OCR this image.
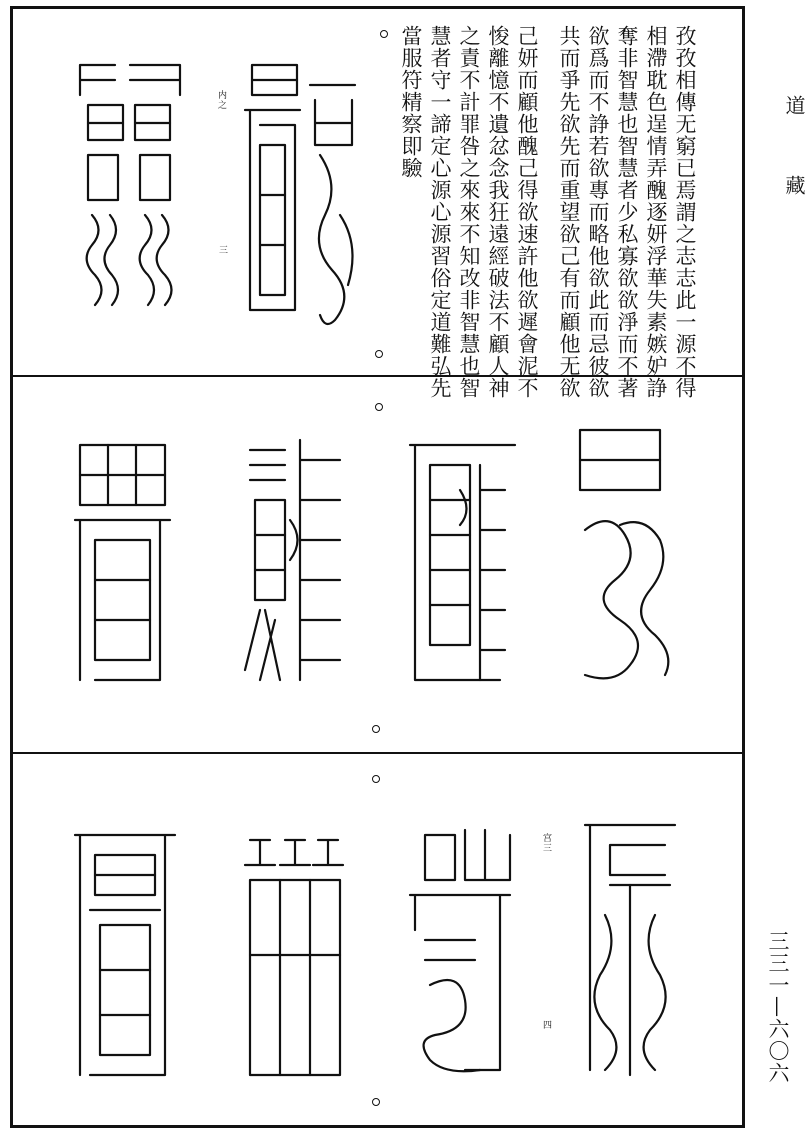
道藏
三三一—六〇六
孜孜相傳无窮已焉謂之志志此一源不得
相滯耽色逞情弄醜逐妍浮華失素嫉妒諍
奪非智慧也智慧者少私寡欲欲淨而不著
欲爲而不諍若欲專而略他欲此而忌彼欲
共而爭先欲先而重望欲己有而顧他无欲
己妍而顧他醜己得欲速許他欲遲會泥不
悛離憶不遺忿念我狂遠經破法不顧人神
之責不計罪咎之來來不知改非智慧也智
慧者守一諦定心源心源習俗定道難弘先
當服符精察即驗
内之
三
宫三
四
